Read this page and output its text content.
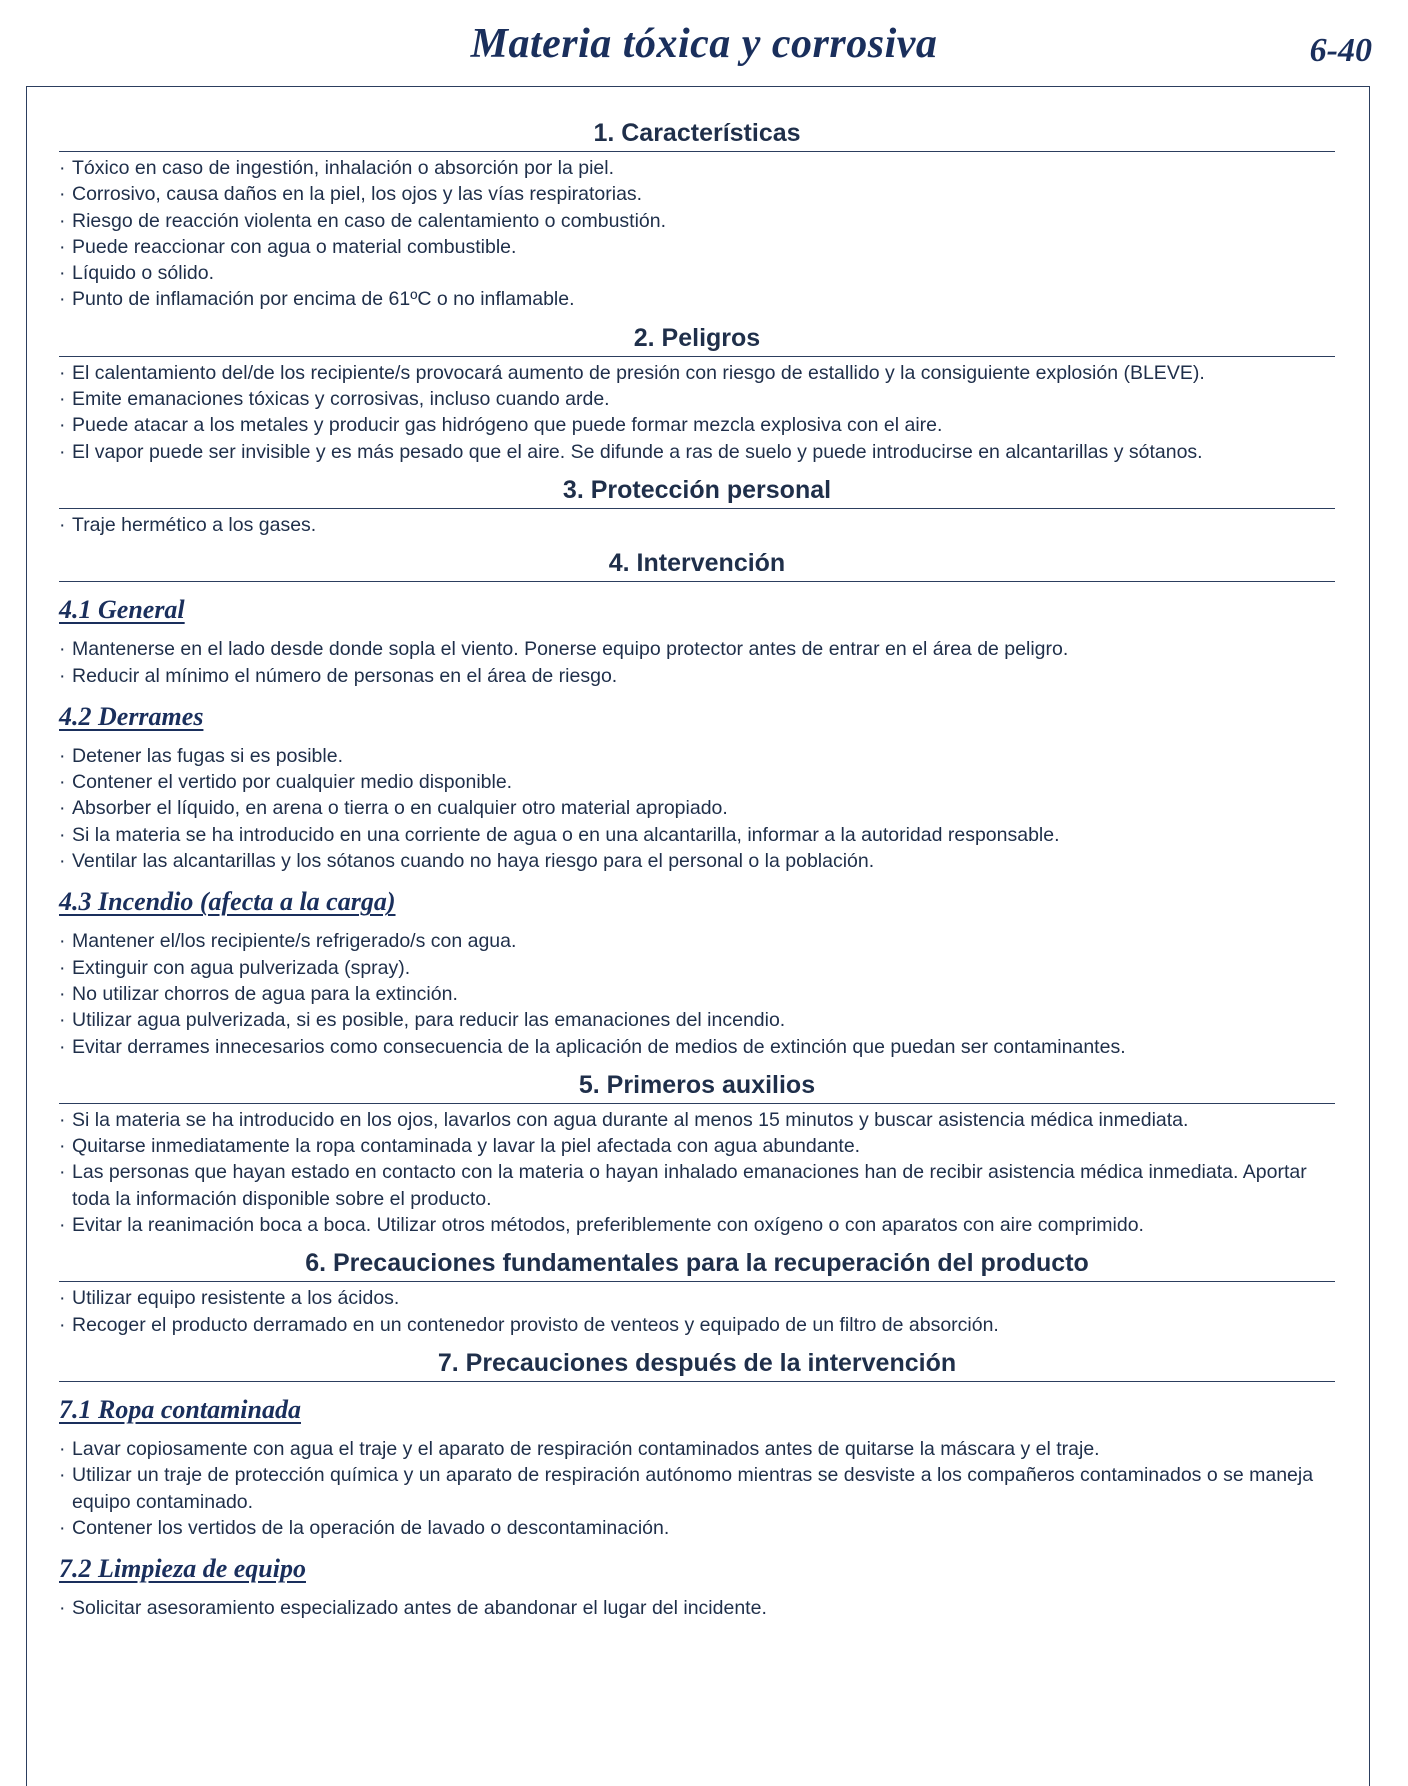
Materia tóxica y corrosiva	6-40
1. Características
· Tóxico en caso de ingestión, inhalación o absorción por la piel.
· Corrosivo, causa daños en la piel, los ojos y las vías respiratorias.
· Riesgo de reacción violenta en caso de calentamiento o combustión.
· Puede reaccionar con agua o material combustible.
· Líquido o sólido.
· Punto de inflamación por encima de 61ºC o no inflamable.
2. Peligros
· El calentamiento del/de los recipiente/s provocará aumento de presión con riesgo de estallido y la consiguiente explosión (BLEVE).
· Emite emanaciones tóxicas y corrosivas, incluso cuando arde.
· Puede atacar a los metales y producir gas hidrógeno que puede formar mezcla explosiva con el aire.
· El vapor puede ser invisible y es más pesado que el aire. Se difunde a ras de suelo y puede introducirse en alcantarillas y sótanos.
3. Protección personal
· Traje hermético a los gases.
4. Intervención
4.1 General
· Mantenerse en el lado desde donde sopla el viento. Ponerse equipo protector antes de entrar en el área de peligro.
· Reducir al mínimo el número de personas en el área de riesgo.
4.2 Derrames
· Detener las fugas si es posible.
· Contener el vertido por cualquier medio disponible.
· Absorber el líquido, en arena o tierra o en cualquier otro material apropiado.
· Si la materia se ha introducido en una corriente de agua o en una alcantarilla, informar a la autoridad responsable.
· Ventilar las alcantarillas y los sótanos cuando no haya riesgo para el personal o la población.
4.3 Incendio (afecta a la carga)
· Mantener el/los recipiente/s refrigerado/s con agua.
· Extinguir con agua pulverizada (spray).
· No utilizar chorros de agua para la extinción.
· Utilizar agua pulverizada, si es posible, para reducir las emanaciones del incendio.
· Evitar derrames innecesarios como consecuencia de la aplicación de medios de extinción que puedan ser contaminantes.
5. Primeros auxilios
· Si la materia se ha introducido en los ojos, lavarlos con agua durante al menos 15 minutos y buscar asistencia médica inmediata.
· Quitarse inmediatamente la ropa contaminada y lavar la piel afectada con agua abundante.
· Las personas que hayan estado en contacto con la materia o hayan inhalado emanaciones han de recibir asistencia médica inmediata. Aportar toda la información disponible sobre el producto.
· Evitar la reanimación boca a boca. Utilizar otros métodos, preferiblemente con oxígeno o con aparatos con aire comprimido.
6. Precauciones fundamentales para la recuperación del producto
· Utilizar equipo resistente a los ácidos.
· Recoger el producto derramado en un contenedor provisto de venteos y equipado de un filtro de absorción.
7. Precauciones después de la intervención
7.1 Ropa contaminada
· Lavar copiosamente con agua el traje y el aparato de respiración contaminados antes de quitarse la máscara y el traje.
· Utilizar un traje de protección química y un aparato de respiración autónomo mientras se desviste a los compañeros contaminados o se maneja equipo contaminado.
· Contener los vertidos de la operación de lavado o descontaminación.
7.2 Limpieza de equipo
· Solicitar asesoramiento especializado antes de abandonar el lugar del incidente.
